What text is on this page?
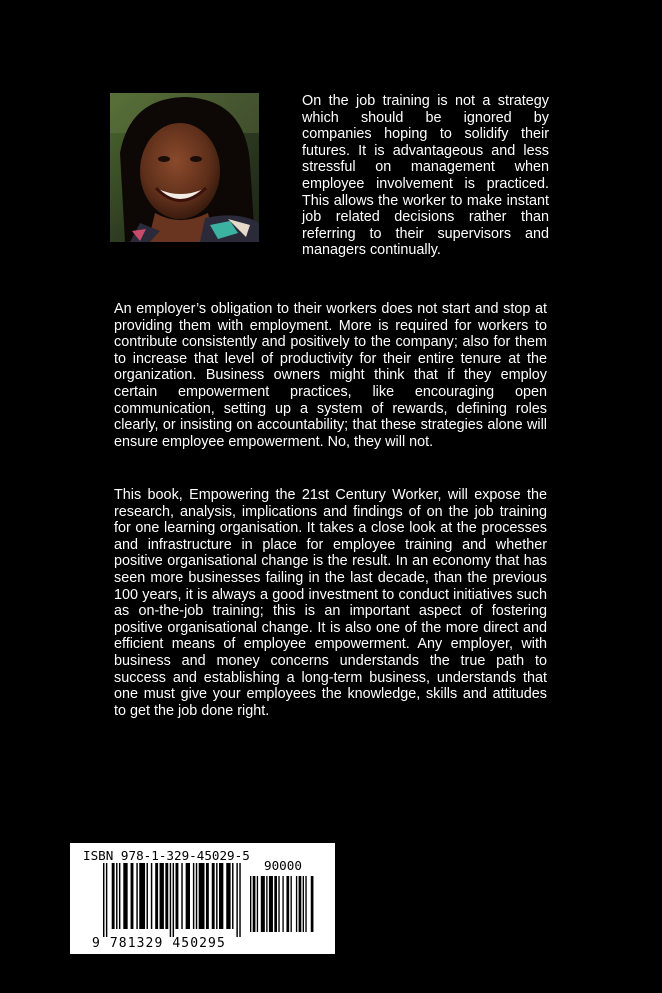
On the job training is not a strategy which should be ignored by companies hoping to solidify their futures. It is advantageous and less stressful on management when employee involvement is practiced. This allows the worker to make instant job related decisions rather than referring to their supervisors and managers continually.

An employer’s obligation to their workers does not start and stop at providing them with employment. More is required for workers to contribute consistently and positively to the company; also for them to increase that level of productivity for their entire tenure at the organization. Business owners might think that if they employ certain empowerment practices, like encouraging open communication, setting up a system of rewards, defining roles clearly, or insisting on accountability; that these strategies alone will ensure employee empowerment. No, they will not.

This book, Empowering the 21st Century Worker, will expose the research, analysis, implications and findings of on the job training for one learning organisation. It takes a close look at the processes and infrastructure in place for employee training and whether positive organisational change is the result. In an economy that has seen more businesses failing in the last decade, than the previous 100 years, it is always a good investment to conduct initiatives such as on-the-job training; this is an important aspect of fostering positive organisational change. It is also one of the more direct and efficient means of employee empowerment. Any employer, with business and money concerns understands the true path to success and establishing a long-term business, understands that one must give your employees the knowledge, skills and attitudes to get the job done right.

ISBN 978-1-329-45029-5
90000
9 781329 450295
